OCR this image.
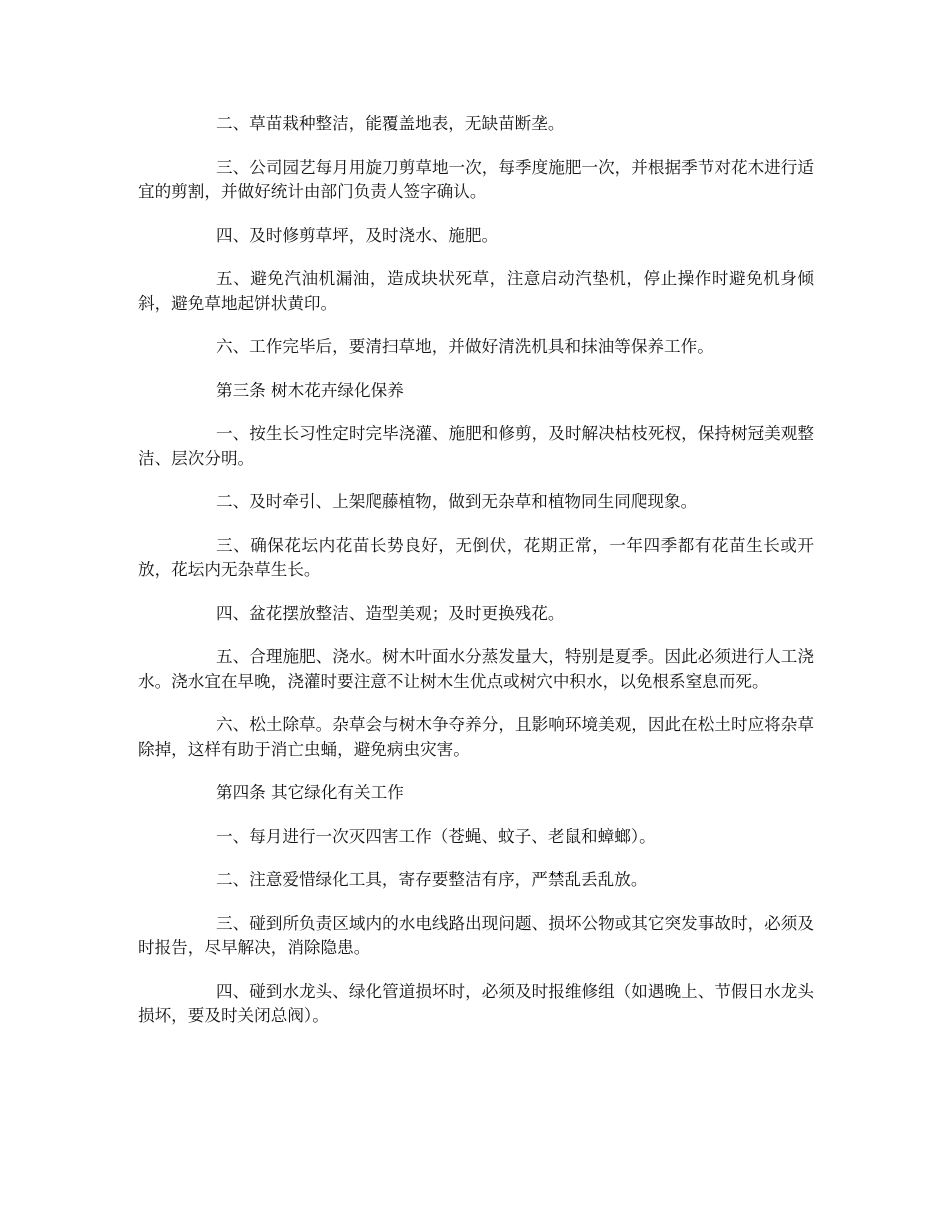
二、草苗栽种整洁，能覆盖地表，无缺苗断垄。

三、公司园艺每月用旋刀剪草地一次，每季度施肥一次，并根据季节对花木进行适宜的剪割，并做好统计由部门负责人签字确认。

四、及时修剪草坪，及时浇水、施肥。

五、避免汽油机漏油，造成块状死草，注意启动汽垫机，停止操作时避免机身倾斜，避免草地起饼状黄印。

六、工作完毕后，要清扫草地，并做好清洗机具和抹油等保养工作。

第三条 树木花卉绿化保养

一、按生长习性定时完毕浇灌、施肥和修剪，及时解决枯枝死杈，保持树冠美观整洁、层次分明。

二、及时牵引、上架爬藤植物，做到无杂草和植物同生同爬现象。

三、确保花坛内花苗长势良好，无倒伏，花期正常，一年四季都有花苗生长或开放，花坛内无杂草生长。

四、盆花摆放整洁、造型美观；及时更换残花。

五、合理施肥、浇水。树木叶面水分蒸发量大，特别是夏季。因此必须进行人工浇水。浇水宜在早晚，浇灌时要注意不让树木生优点或树穴中积水，以免根系窒息而死。

六、松土除草。杂草会与树木争夺养分，且影响环境美观，因此在松土时应将杂草除掉，这样有助于消亡虫蛹，避免病虫灾害。

第四条 其它绿化有关工作

一、每月进行一次灭四害工作（苍蝇、蚊子、老鼠和蟑螂）。

二、注意爱惜绿化工具，寄存要整洁有序，严禁乱丢乱放。

三、碰到所负责区域内的水电线路出现问题、损坏公物或其它突发事故时，必须及时报告，尽早解决，消除隐患。

四、碰到水龙头、绿化管道损坏时，必须及时报维修组（如遇晚上、节假日水龙头损坏，要及时关闭总阀）。
